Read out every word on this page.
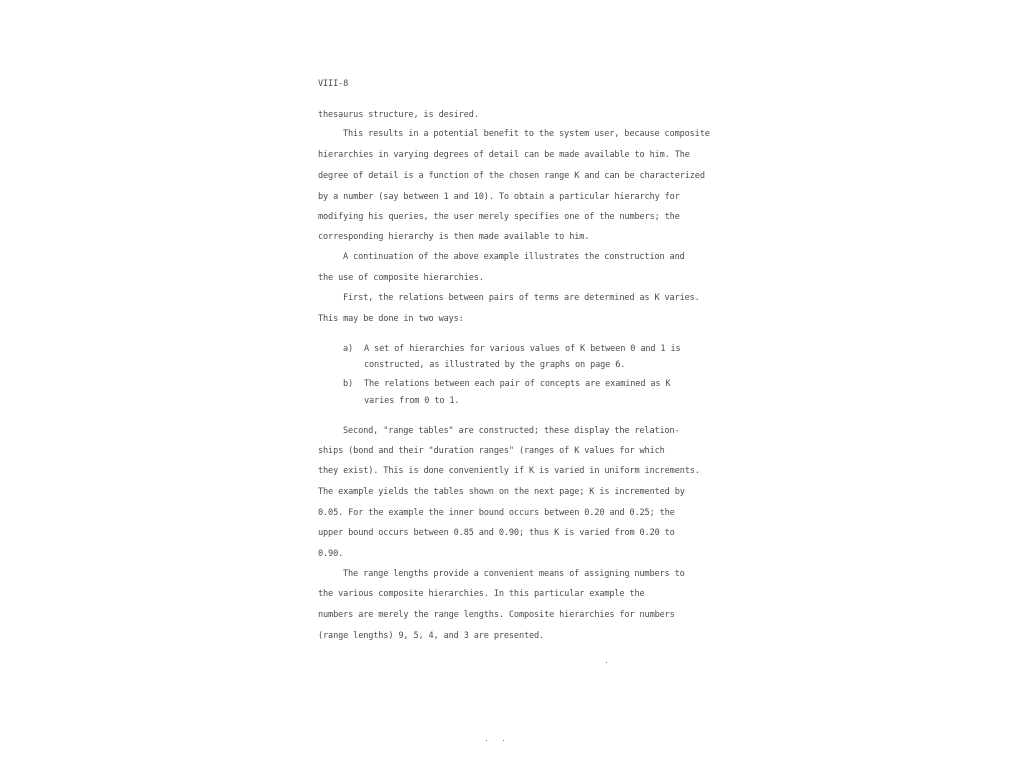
VIII-8
thesaurus structure, is desired.
This results in a potential benefit to the system user, because composite
hierarchies in varying degrees of detail can be made available to him. The
degree of detail is a function of the chosen range K and can be characterized
by a number (say between 1 and 10). To obtain a particular hierarchy for
modifying his queries, the user merely specifies one of the numbers; the
corresponding hierarchy is then made available to him.
A continuation of the above example illustrates the construction and
the use of composite hierarchies.
First, the relations between pairs of terms are determined as K varies.
This may be done in two ways:
a) A set of hierarchies for various values of K between 0 and 1 is
constructed, as illustrated by the graphs on page 6.
b) The relations between each pair of concepts are examined as K
varies from 0 to 1.
Second, "range tables" are constructed; these display the relation-
ships (bond and their "duration ranges" (ranges of K values for which
they exist). This is done conveniently if K is varied in uniform increments.
The example yields the tables shown on the next page; K is incremented by
0.05. For the example the inner bound occurs between 0.20 and 0.25; the
upper bound occurs between 0.85 and 0.90; thus K is varied from 0.20 to
0.90.
The range lengths provide a convenient means of assigning numbers to
the various composite hierarchies. In this particular example the
numbers are merely the range lengths. Composite hierarchies for numbers
(range lengths) 9, 5, 4, and 3 are presented.
